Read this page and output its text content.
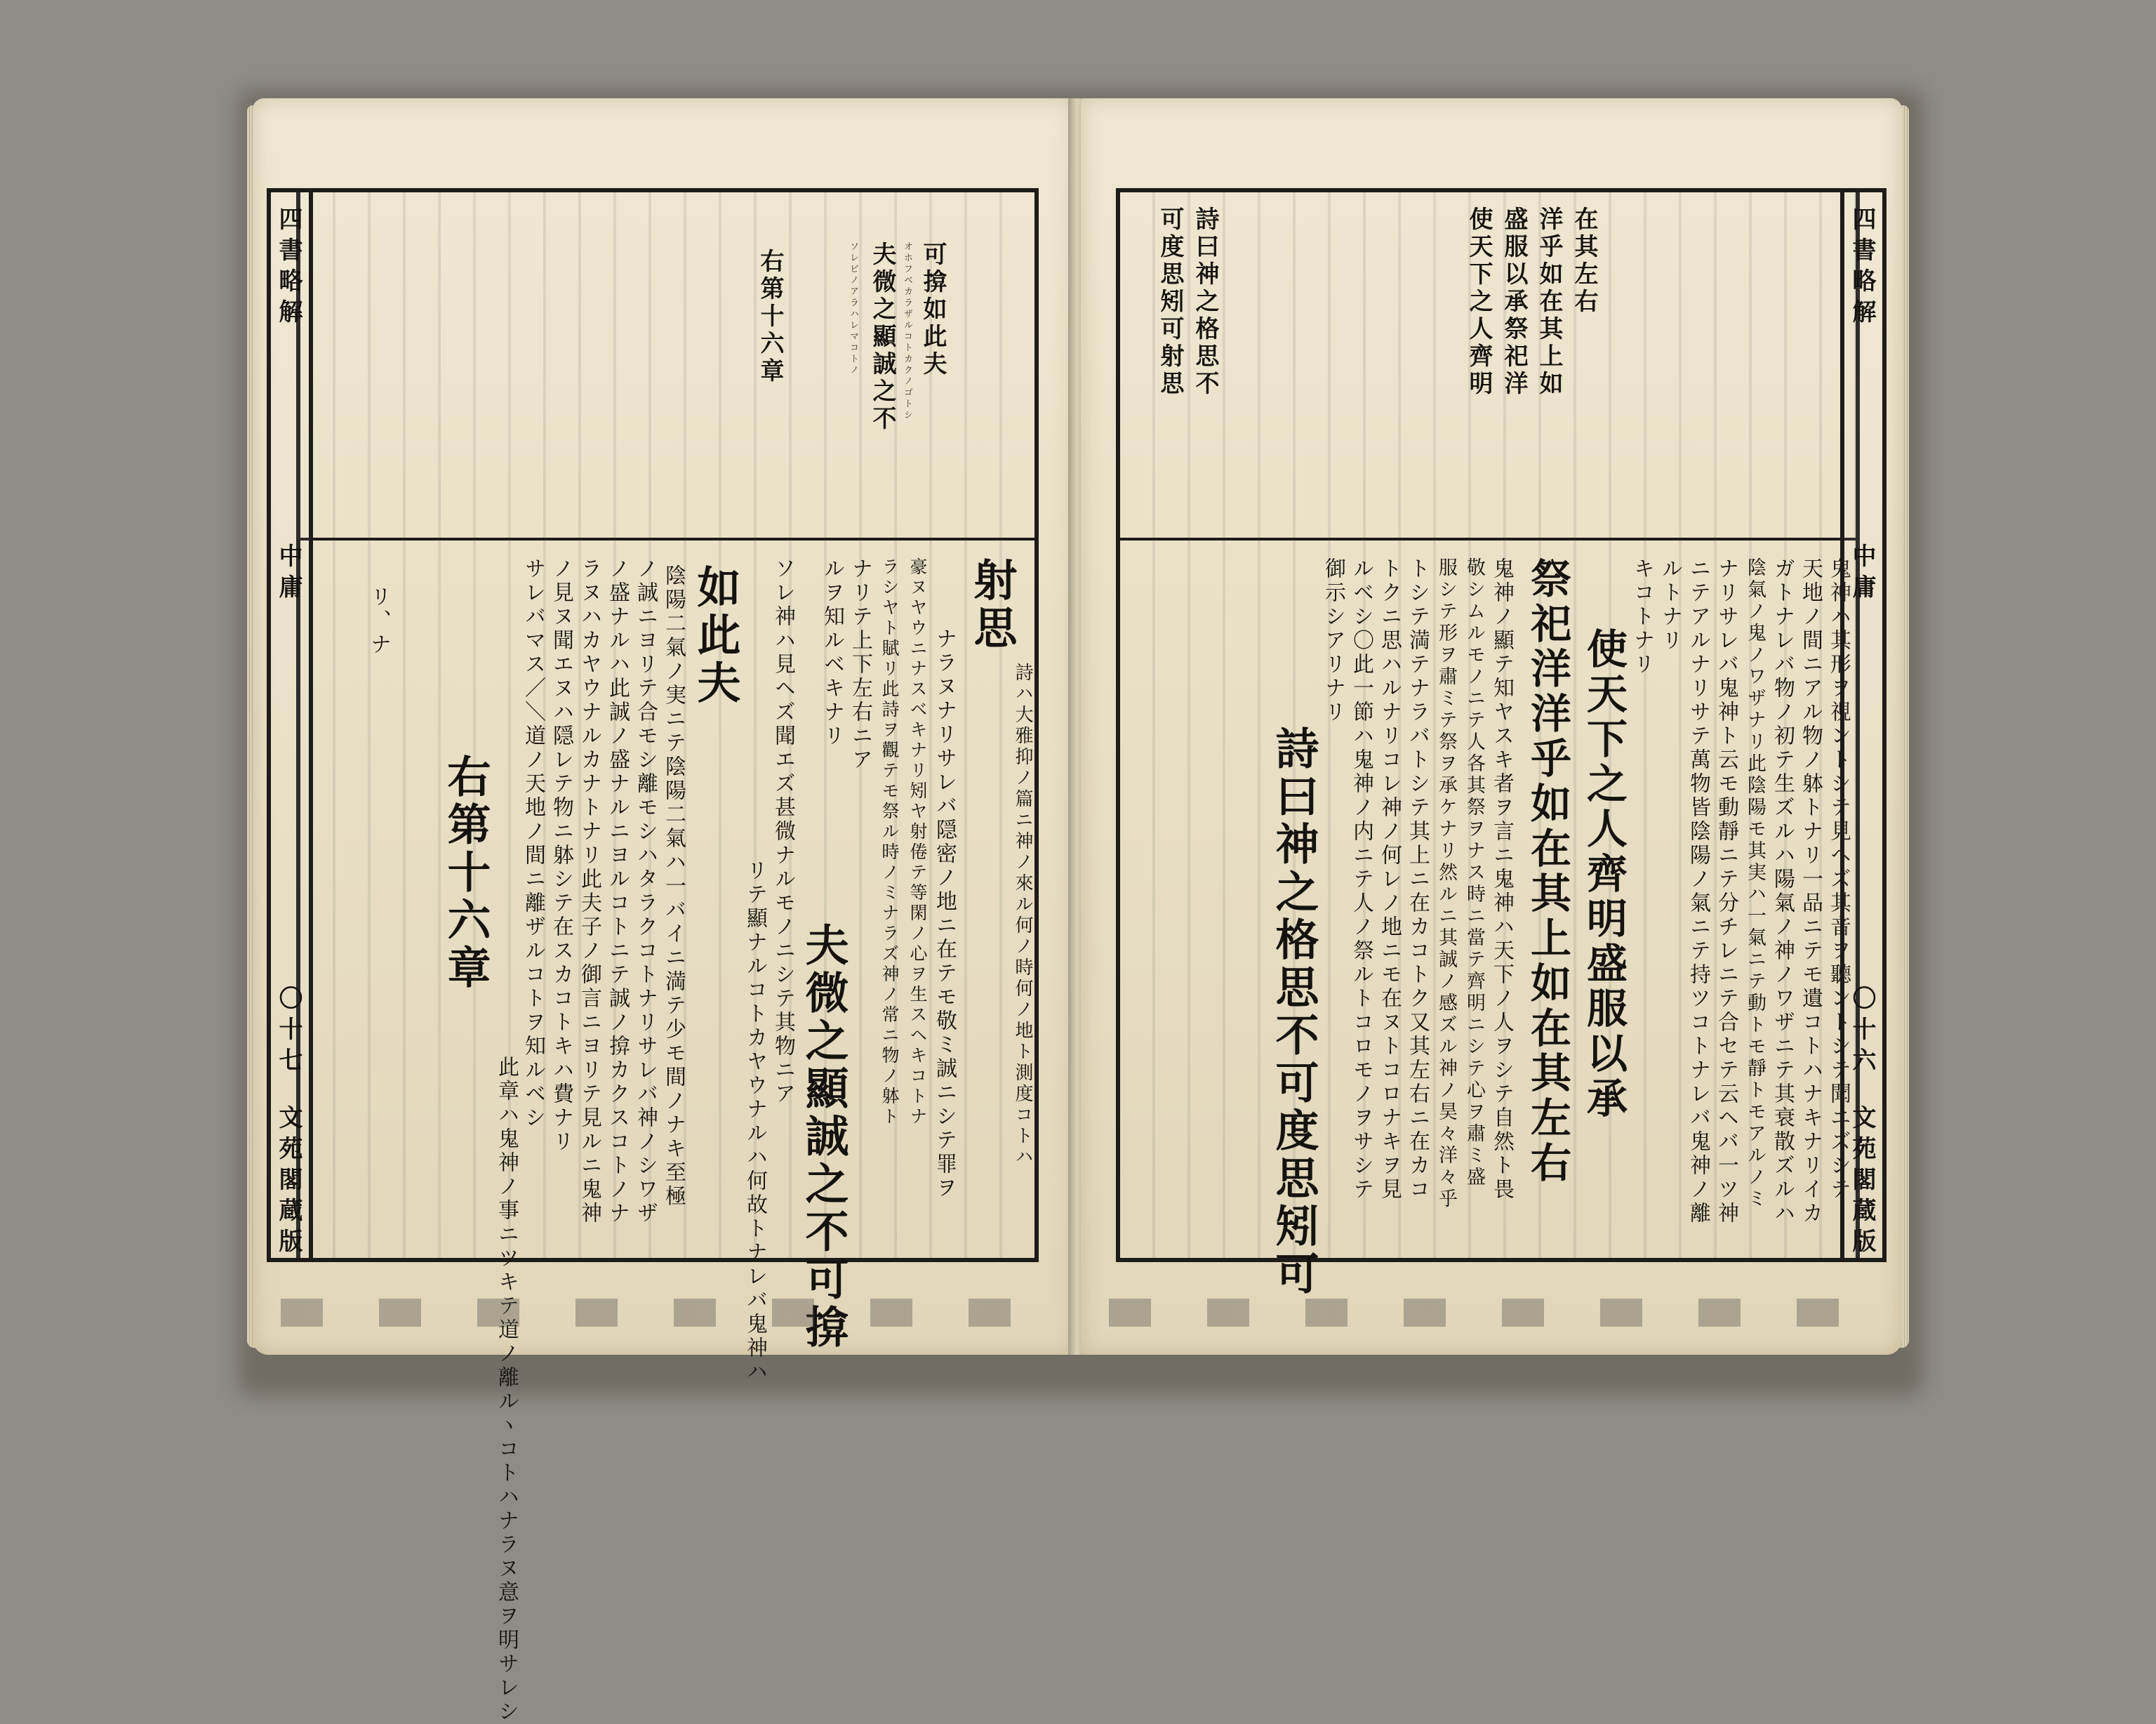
夫微之顯誠之不
ソレビノアラハレマコトノ	可揜如此夫
オホフベカラザルコトカクノゴトシ
右第十六章
リ、ナ
右第十六章
此章ハ鬼神ノ事ニツキテ道ノ離ルヽコトハナラヌ意ヲ明サレシ
サレバマス／＼道ノ天地ノ間ニ離ザルコトヲ知ルベシ ノ見ヌ聞エヌハ隠レテ物ニ躰シテ在スカコトキハ費ナリ ラヌハカヤウナルカナトナリ此夫子ノ御言ニヨリテ見ルニ鬼神 ノ盛ナルハ此誠ノ盛ナルニヨルコトニテ誠ノ揜カクスコトノナ ノ誠ニヨリテ合モシ離モシハタラクコトナリサレバ神ノシワザ 陰陽二氣ノ実ニテ陰陽二氣ハ一バイニ満テ少モ間ノナキ至極 如此夫
リテ顯ナルコトカヤウナルハ何故トナレバ鬼神ハ
ソレ神ハ見ヘズ聞エズ甚微ナルモノニシテ其物ニア
夫微之顯誠之不可揜
ルヲ知ルベキナリ ナリテ上下左右ニア ラシヤト賦リ此詩ヲ觀テモ祭ル時ノミナラズ神ノ常ニ物ノ躰ト 豪ヌヤウニナスベキナリ矧ヤ射倦テ等閑ノ心ヲ生スヘキコトナ ナラヌナリサレバ隠密ノ地ニ在テモ敬ミ誠ニシテ罪ヲ
射思
詩ハ大雅抑ノ篇ニ神ノ來ル何ノ時何ノ地ト測度コトハ
四書略解
中庸
〇十七
文苑閣蔵版
使天下之人齊明 盛服以承祭祀洋 洋乎如在其上如 在其左右
詩曰神之格思不
可度思矧可射思
鬼神ハ其形ヲ視ントシテ見ヘズ其音ヲ聽ントシテ聞エズシテ
天地ノ間ニアル物ノ躰トナリ一品ニテモ遺コトハナキナリイカ
ガトナレバ物ノ初テ生ズルハ陽氣ノ神ノワザニテ其衰散ズルハ
陰氣ノ鬼ノワザナリ此陰陽モ其実ハ一氣ニテ動トモ靜トモアルノミ
ナリサレバ鬼神ト云モ動靜ニテ分チレニテ合セテ云ヘバ一ツ神
ニテアルナリサテ萬物皆陰陽ノ氣ニテ持ツコトナレバ鬼神ノ離
ルトナリ
キコトナリ
使天下之人齊明盛服以承
祭祀洋洋乎如在其上如在其左右
鬼神ノ顯テ知ヤスキ者ヲ言ニ鬼神ハ天下ノ人ヲシテ自然ト畏
敬シムルモノニテ人各其祭ヲナス時ニ當テ齊明ニシテ心ヲ肅ミ盛
服シテ形ヲ肅ミテ祭ヲ承ケナリ然ルニ其誠ノ感ズル神ノ昊々洋々乎
トシテ満テナラバトシテ其上ニ在カコトク又其左右ニ在カコ
トクニ思ハルナリコレ神ノ何レノ地ニモ在ヌトコロナキヲ見
ルベシ〇此一節ハ鬼神ノ内ニテ人ノ祭ルトコロモノヲサシテ
御示シアリナリ
詩曰神之格思不可度思矧可
四書略解
中庸
〇十六
文苑閣蔵版
